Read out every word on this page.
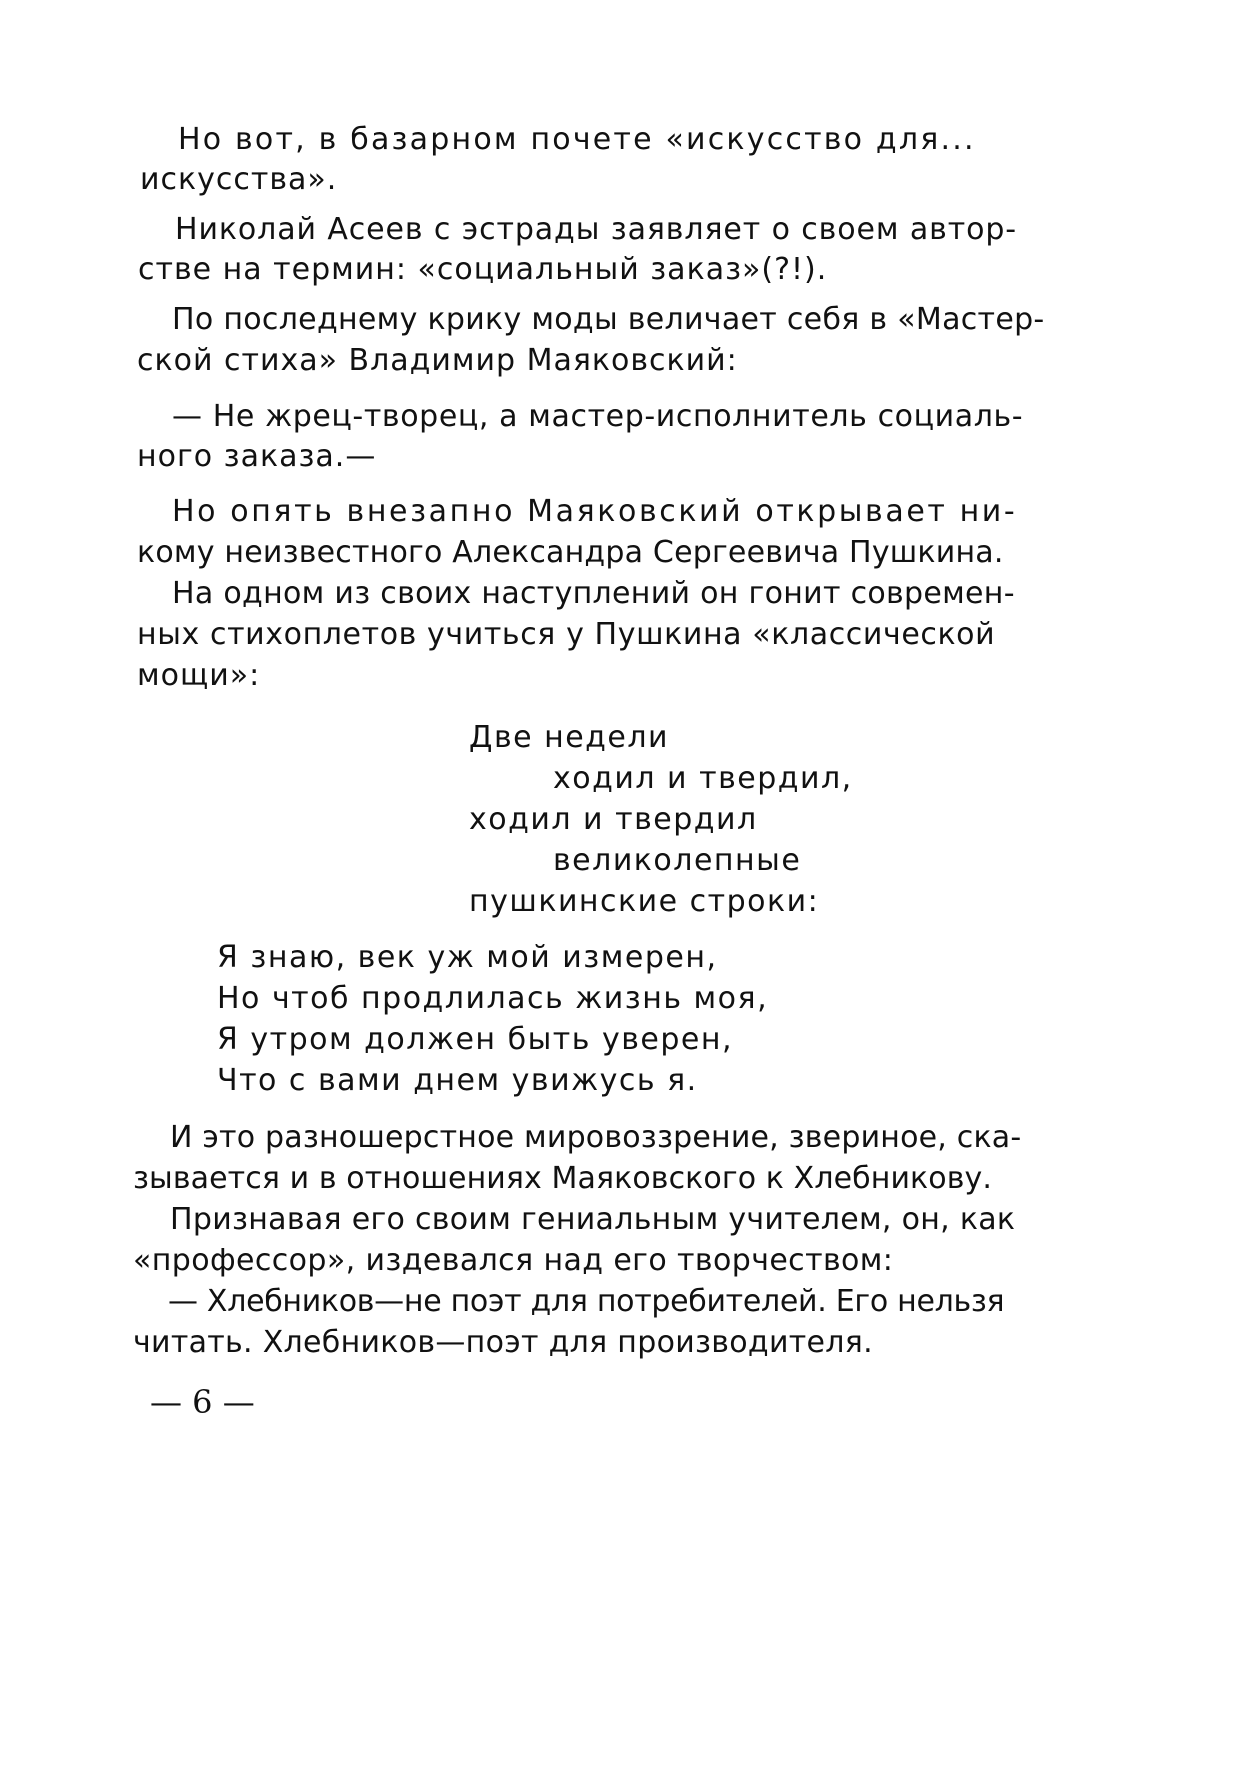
Но вот, в базарном почете «искусство для...
искусства».
Николай Асеев с эстрады заявляет о своем автор-
стве на термин: «социальный заказ»(?!).
По последнему крику моды величает себя в «Мастер-
ской стиха» Владимир Маяковский:
— Не жрец-творец, а мастер-исполнитель социаль-
ного заказа.—
Но опять внезапно Маяковский открывает ни-
кому неизвестного Александра Сергеевича Пушкина.
На одном из своих наступлений он гонит современ-
ных стихоплетов учиться у Пушкина «классической
мощи»:
Две недели
ходил и твердил,
ходил и твердил
великолепные
пушкинские строки:
Я знаю, век уж мой измерен,
Но чтоб продлилась жизнь моя,
Я утром должен быть уверен,
Что с вами днем увижусь я.
И это разношерстное мировоззрение, звериное, ска-
зывается и в отношениях Маяковского к Хлебникову.
Признавая его своим гениальным учителем, он, как
«профессор», издевался над его творчеством:
— Хлебников—не поэт для потребителей. Его нельзя
читать. Хлебников—поэт для производителя.
— 6 —
